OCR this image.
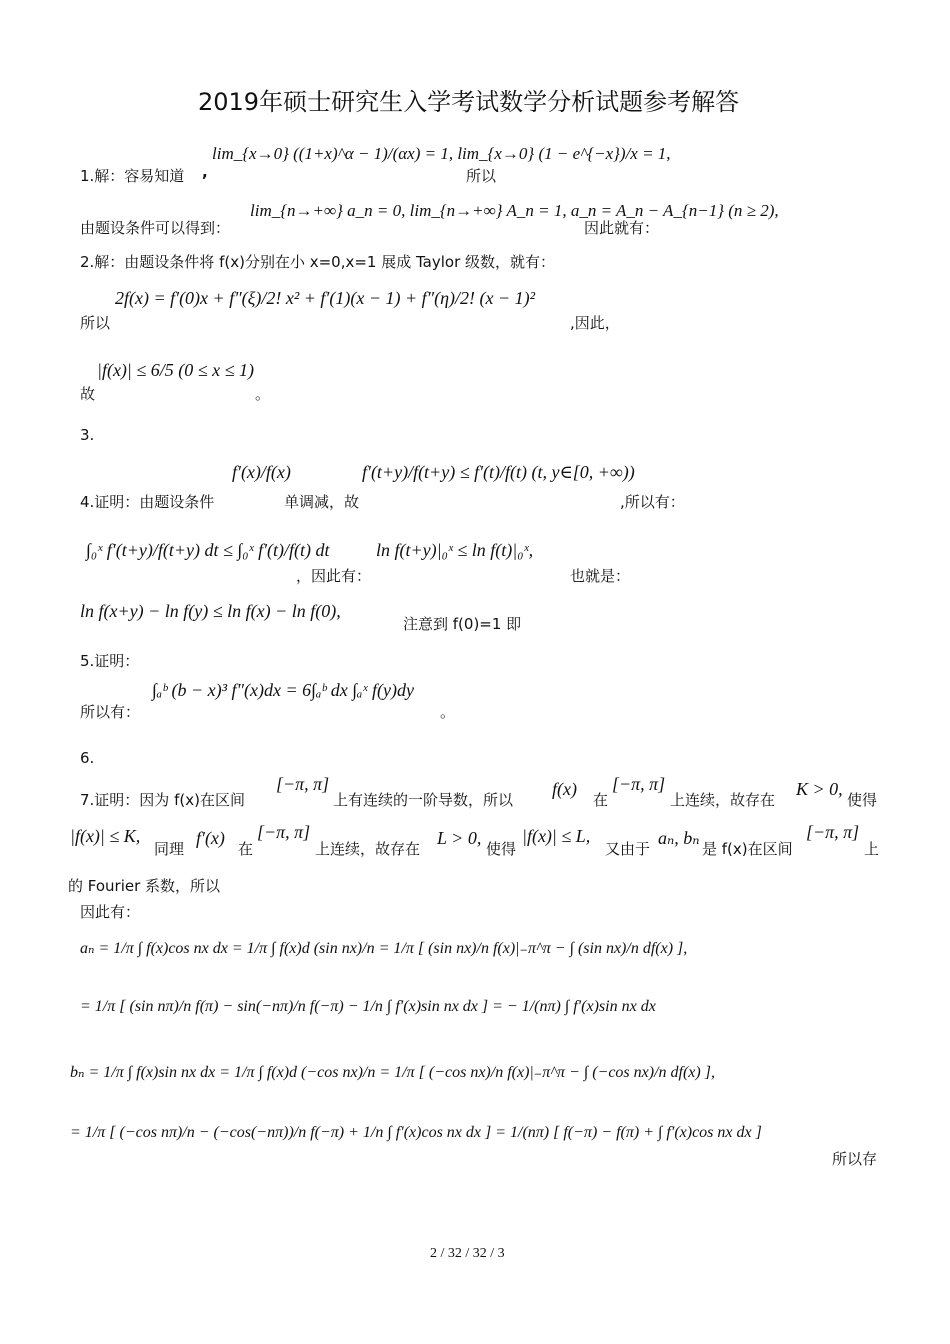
2019年硕士研究生入学考试数学分析试题参考解答
1.解：容易知道 ,
lim_{x→0} ((1+x)^α − 1)/(αx) = 1, lim_{x→0} (1 − e^{−x})/x = 1,
所以
由题设条件可以得到：
lim_{n→+∞} a_n = 0, lim_{n→+∞} A_n = 1, a_n = A_n − A_{n−1} (n ≥ 2),
因此就有：
2.解：由题设条件将 f(x)分别在小 x=0,x=1 展成 Taylor 级数，就有：
所以
2f(x) = f′(0)x + f″(ξ)/2! x² + f′(1)(x − 1) + f″(η)/2! (x − 1)²
,因此，
故
|f(x)| ≤ 6/5 (0 ≤ x ≤ 1)
。
3.
4.证明：由题设条件
f′(x)/f(x)
单调减，故
f′(t+y)/f(t+y) ≤ f′(t)/f(t) (t, y∈[0, +∞))
,所以有：
∫₀ˣ f′(t+y)/f(t+y) dt ≤ ∫₀ˣ f′(t)/f(t) dt
，因此有：
ln f(t+y)|₀ˣ ≤ ln f(t)|₀ˣ,
也就是：
ln f(x+y) − ln f(y) ≤ ln f(x) − ln f(0),
注意到 f(0)=1 即
5.证明：
所以有：
∫ₐᵇ (b − x)³ f″(x)dx = 6∫ₐᵇ dx ∫ₐˣ f(y)dy
。
6.
7.证明：因为 f(x)在区间
[−π, π]
上有连续的一阶导数，所以
f(x)
在
[−π, π]
上连续，故存在
K > 0,
使得
|f(x)| ≤ K,
同理
f′(x)
在
[−π, π]
上连续，故存在
L > 0,
使得
|f(x)| ≤ L,
又由于
aₙ, bₙ
是 f(x)在区间
[−π, π]
上
的 Fourier 系数，所以
因此有：
aₙ = 1/π ∫ f(x)cos nx dx = 1/π ∫ f(x)d (sin nx)/n = 1/π [ (sin nx)/n f(x)|₋π^π − ∫ (sin nx)/n df(x) ],
= 1/π [ (sin nπ)/n f(π) − sin(−nπ)/n f(−π) − 1/n ∫ f′(x)sin nx dx ] = − 1/(nπ) ∫ f′(x)sin nx dx
bₙ = 1/π ∫ f(x)sin nx dx = 1/π ∫ f(x)d (−cos nx)/n = 1/π [ (−cos nx)/n f(x)|₋π^π − ∫ (−cos nx)/n df(x) ],
= 1/π [ (−cos nπ)/n − (−cos(−nπ))/n f(−π) + 1/n ∫ f′(x)cos nx dx ] = 1/(nπ) [ f(−π) − f(π) + ∫ f′(x)cos nx dx ]
所以存
2 / 32 / 32 / 3
